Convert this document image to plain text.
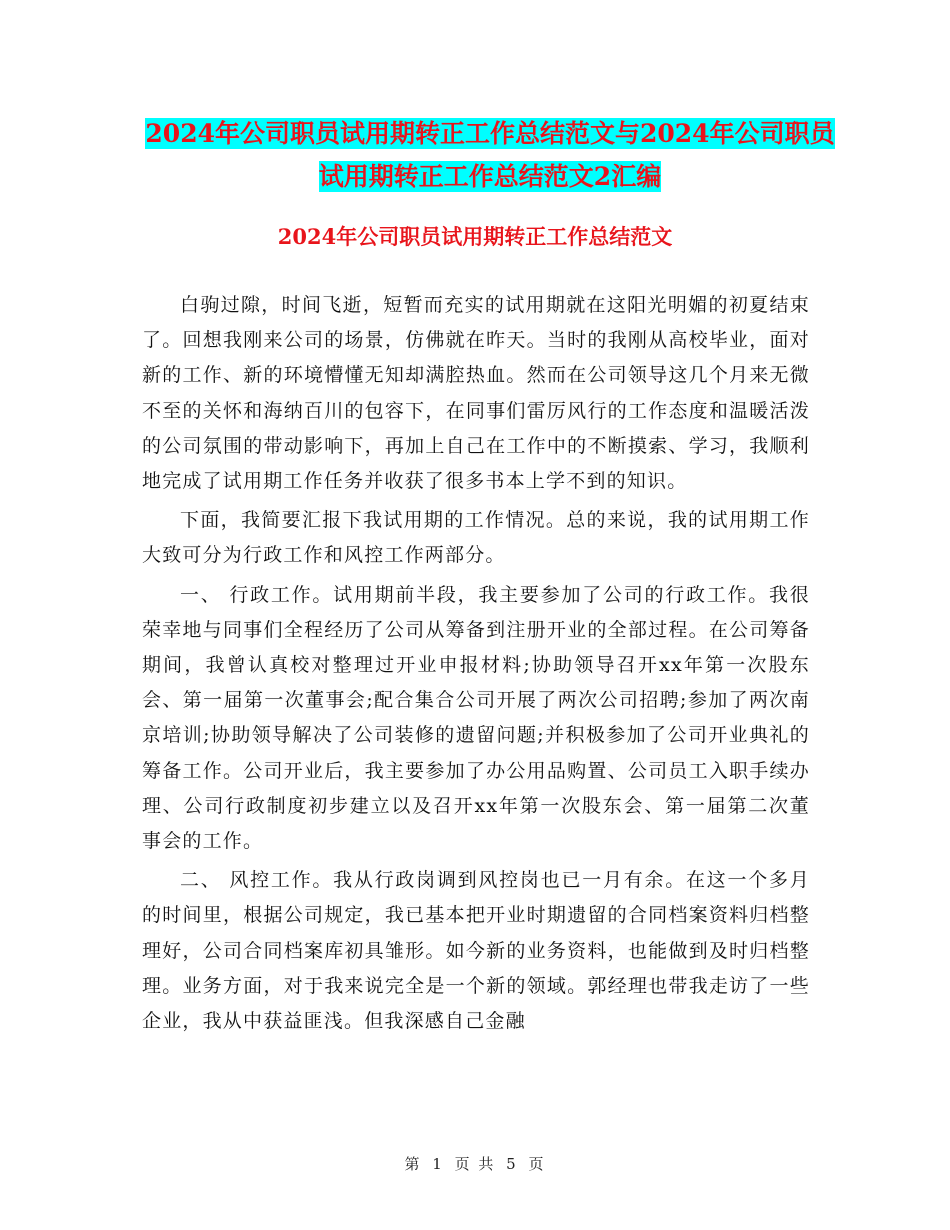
2024年公司职员试用期转正工作总结范文与2024年公司职员试用期转正工作总结范文2汇编
2024年公司职员试用期转正工作总结范文

白驹过隙，时间飞逝，短暂而充实的试用期就在这阳光明媚的初夏结束了。回想我刚来公司的场景，仿佛就在昨天。当时的我刚从高校毕业，面对新的工作、新的环境懵懂无知却满腔热血。然而在公司领导这几个月来无微不至的关怀和海纳百川的包容下，在同事们雷厉风行的工作态度和温暖活泼的公司氛围的带动影响下，再加上自己在工作中的不断摸索、学习，我顺利地完成了试用期工作任务并收获了很多书本上学不到的知识。

下面，我简要汇报下我试用期的工作情况。总的来说，我的试用期工作大致可分为行政工作和风控工作两部分。

一、 行政工作。试用期前半段，我主要参加了公司的行政工作。我很荣幸地与同事们全程经历了公司从筹备到注册开业的全部过程。在公司筹备期间，我曾认真校对整理过开业申报材料;协助领导召开xx年第一次股东会、第一届第一次董事会;配合集合公司开展了两次公司招聘;参加了两次南京培训;协助领导解决了公司装修的遗留问题;并积极参加了公司开业典礼的筹备工作。公司开业后，我主要参加了办公用品购置、公司员工入职手续办理、公司行政制度初步建立以及召开xx年第一次股东会、第一届第二次董事会的工作。

二、 风控工作。我从行政岗调到风控岗也已一月有余。在这一个多月的时间里，根据公司规定，我已基本把开业时期遗留的合同档案资料归档整理好，公司合同档案库初具雏形。如今新的业务资料，也能做到及时归档整理。业务方面，对于我来说完全是一个新的领域。郭经理也带我走访了一些企业，我从中获益匪浅。但我深感自己金融

第 1 页 共 5 页
